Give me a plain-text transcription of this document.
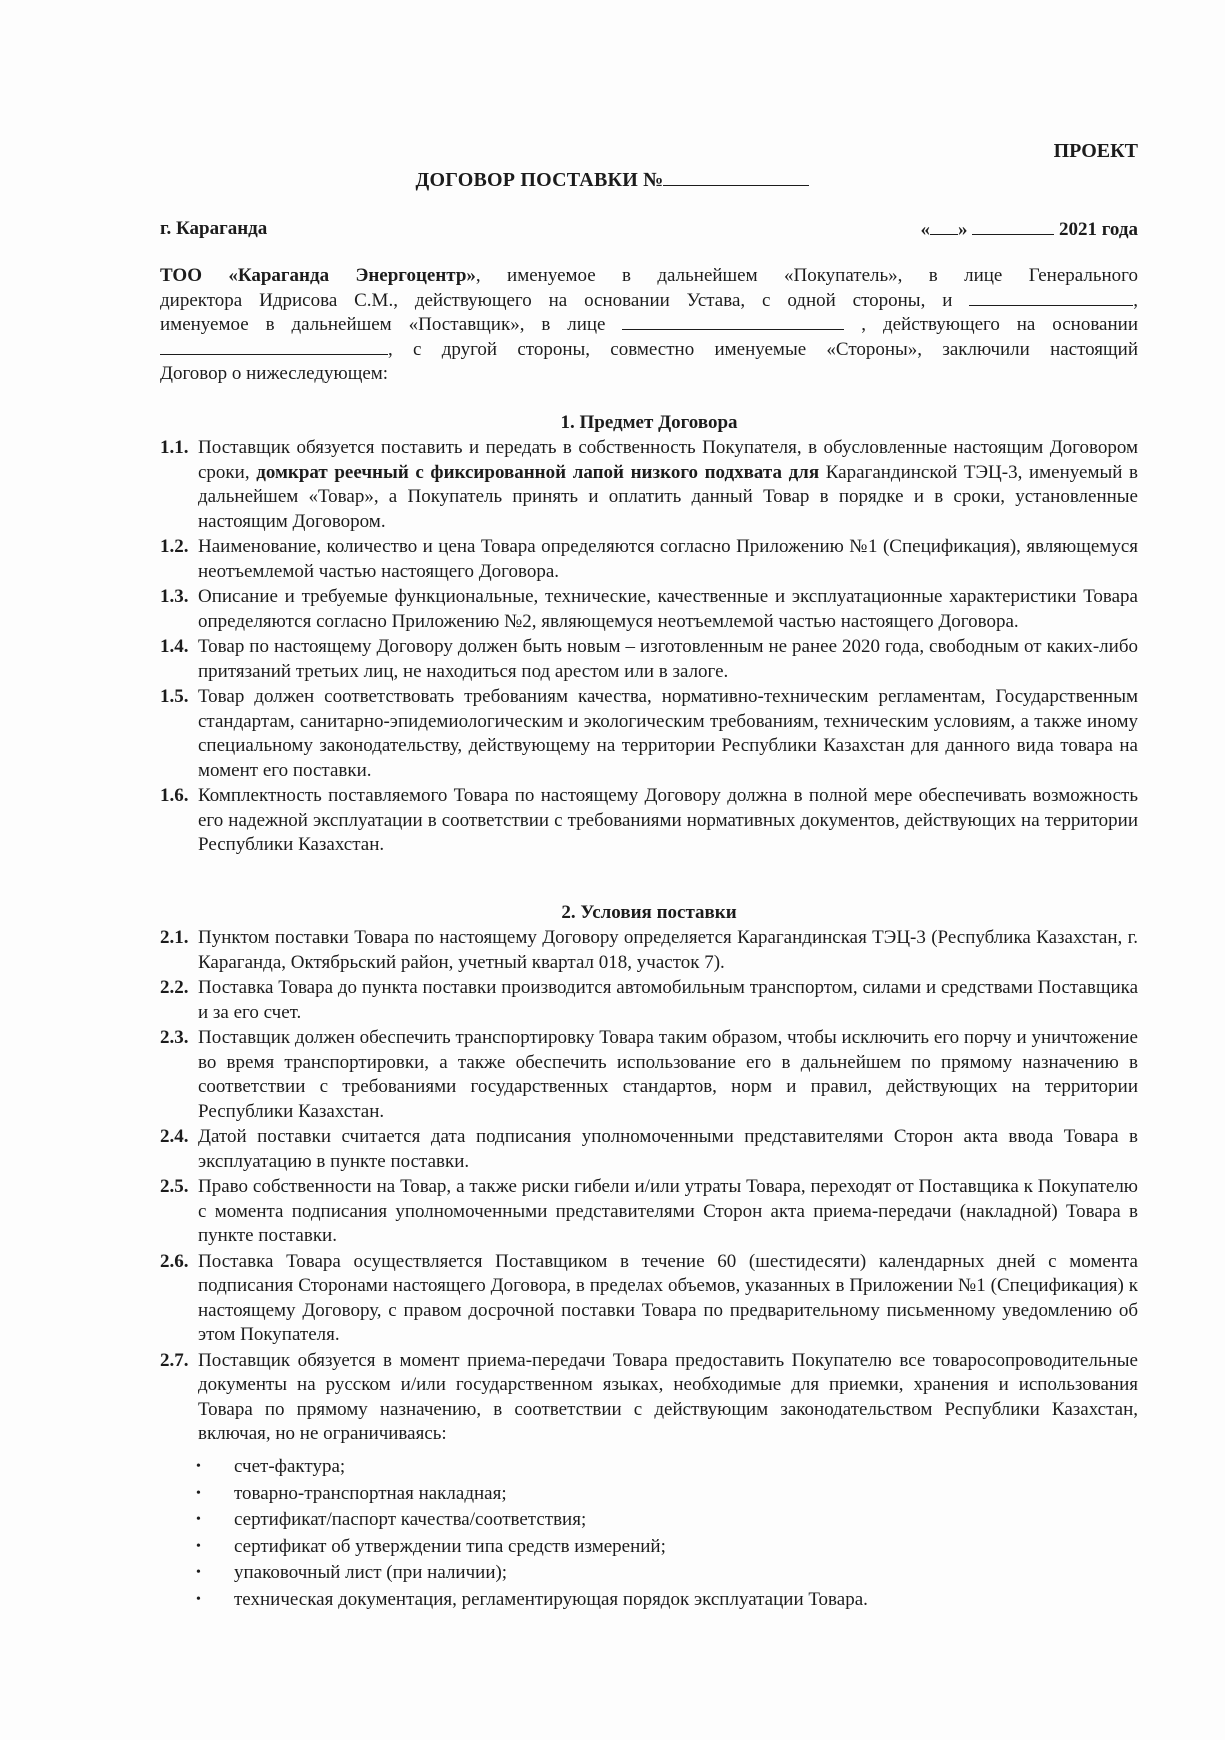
ПРОЕКТ
ДОГОВОР ПОСТАВКИ №
г. Караганда	« »	2021 года
ТОО «Караганда Энергоцентр», именуемое в дальнейшем «Покупатель», в лице Генерального
директора Идрисова С.М., действующего на основании Устава, с одной стороны, и	,
именуемое в дальнейшем «Поставщик», в лице	, действующего на основании
, с другой стороны, совместно именуемые «Стороны», заключили настоящий
Договор о нижеследующем:
1. Предмет Договора
1.1. Поставщик обязуется поставить и передать в собственность Покупателя, в обусловленные настоящим Договором сроки, домкрат реечный с фиксированной лапой низкого подхвата для Карагандинской ТЭЦ-3, именуемый в дальнейшем «Товар», а Покупатель принять и оплатить данный Товар в порядке и в сроки, установленные настоящим Договором.
1.2. Наименование, количество и цена Товара определяются согласно Приложению №1 (Спецификация), являющемуся неотъемлемой частью настоящего Договора.
1.3. Описание и требуемые функциональные, технические, качественные и эксплуатационные характеристики Товара определяются согласно Приложению №2, являющемуся неотъемлемой частью настоящего Договора.
1.4. Товар по настоящему Договору должен быть новым – изготовленным не ранее 2020 года, свободным от каких-либо притязаний третьих лиц, не находиться под арестом или в залоге.
1.5. Товар должен соответствовать требованиям качества, нормативно-техническим регламентам, Государственным стандартам, санитарно-эпидемиологическим и экологическим требованиям, техническим условиям, а также иному специальному законодательству, действующему на территории Республики Казахстан для данного вида товара на момент его поставки.
1.6. Комплектность поставляемого Товара по настоящему Договору должна в полной мере обеспечивать возможность его надежной эксплуатации в соответствии с требованиями нормативных документов, действующих на территории Республики Казахстан.
2. Условия поставки
2.1. Пунктом поставки Товара по настоящему Договору определяется Карагандинская ТЭЦ-3 (Республика Казахстан, г. Караганда, Октябрьский район, учетный квартал 018, участок 7).
2.2. Поставка Товара до пункта поставки производится автомобильным транспортом, силами и средствами Поставщика и за его счет.
2.3. Поставщик должен обеспечить транспортировку Товара таким образом, чтобы исключить его порчу и уничтожение во время транспортировки, а также обеспечить использование его в дальнейшем по прямому назначению в соответствии с требованиями государственных стандартов, норм и правил, действующих на территории Республики Казахстан.
2.4. Датой поставки считается дата подписания уполномоченными представителями Сторон акта ввода Товара в эксплуатацию в пункте поставки.
2.5. Право собственности на Товар, а также риски гибели и/или утраты Товара, переходят от Поставщика к Покупателю с момента подписания уполномоченными представителями Сторон акта приема-передачи (накладной) Товара в пункте поставки.
2.6. Поставка Товара осуществляется Поставщиком в течение 60 (шестидесяти) календарных дней с момента подписания Сторонами настоящего Договора, в пределах объемов, указанных в Приложении №1 (Спецификация) к настоящему Договору, с правом досрочной поставки Товара по предварительному письменному уведомлению об этом Покупателя.
2.7. Поставщик обязуется в момент приема-передачи Товара предоставить Покупателю все товаросопроводительные документы на русском и/или государственном языках, необходимые для приемки, хранения и использования Товара по прямому назначению, в соответствии с действующим законодательством Республики Казахстан, включая, но не ограничиваясь:
•	счет-фактура;
•	товарно-транспортная накладная;
•	сертификат/паспорт качества/соответствия;
•	сертификат об утверждении типа средств измерений;
•	упаковочный лист (при наличии);
•	техническая документация, регламентирующая порядок эксплуатации Товара.
